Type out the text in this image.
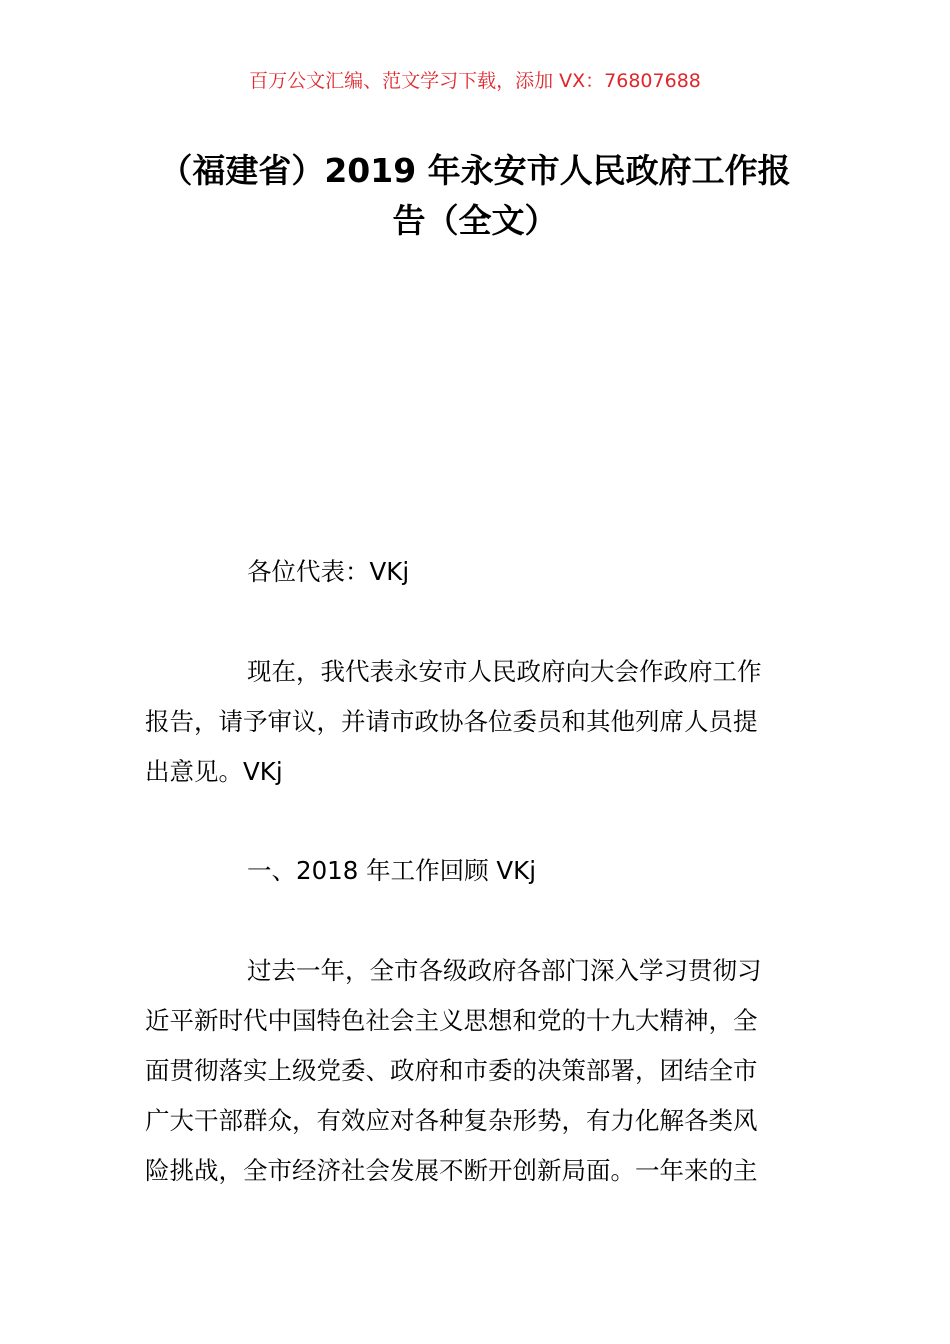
百万公文汇编、范文学习下载，添加 VX：76807688
（福建省）2019 年永安市人民政府工作报
告（全文）
各位代表：VKj
现在，我代表永安市人民政府向大会作政府工作
报告，请予审议，并请市政协各位委员和其他列席人员提
出意见。VKj
一、2018 年工作回顾 VKj
过去一年，全市各级政府各部门深入学习贯彻习
近平新时代中国特色社会主义思想和党的十九大精神，全
面贯彻落实上级党委、政府和市委的决策部署，团结全市
广大干部群众，有效应对各种复杂形势，有力化解各类风
险挑战，全市经济社会发展不断开创新局面。一年来的主
